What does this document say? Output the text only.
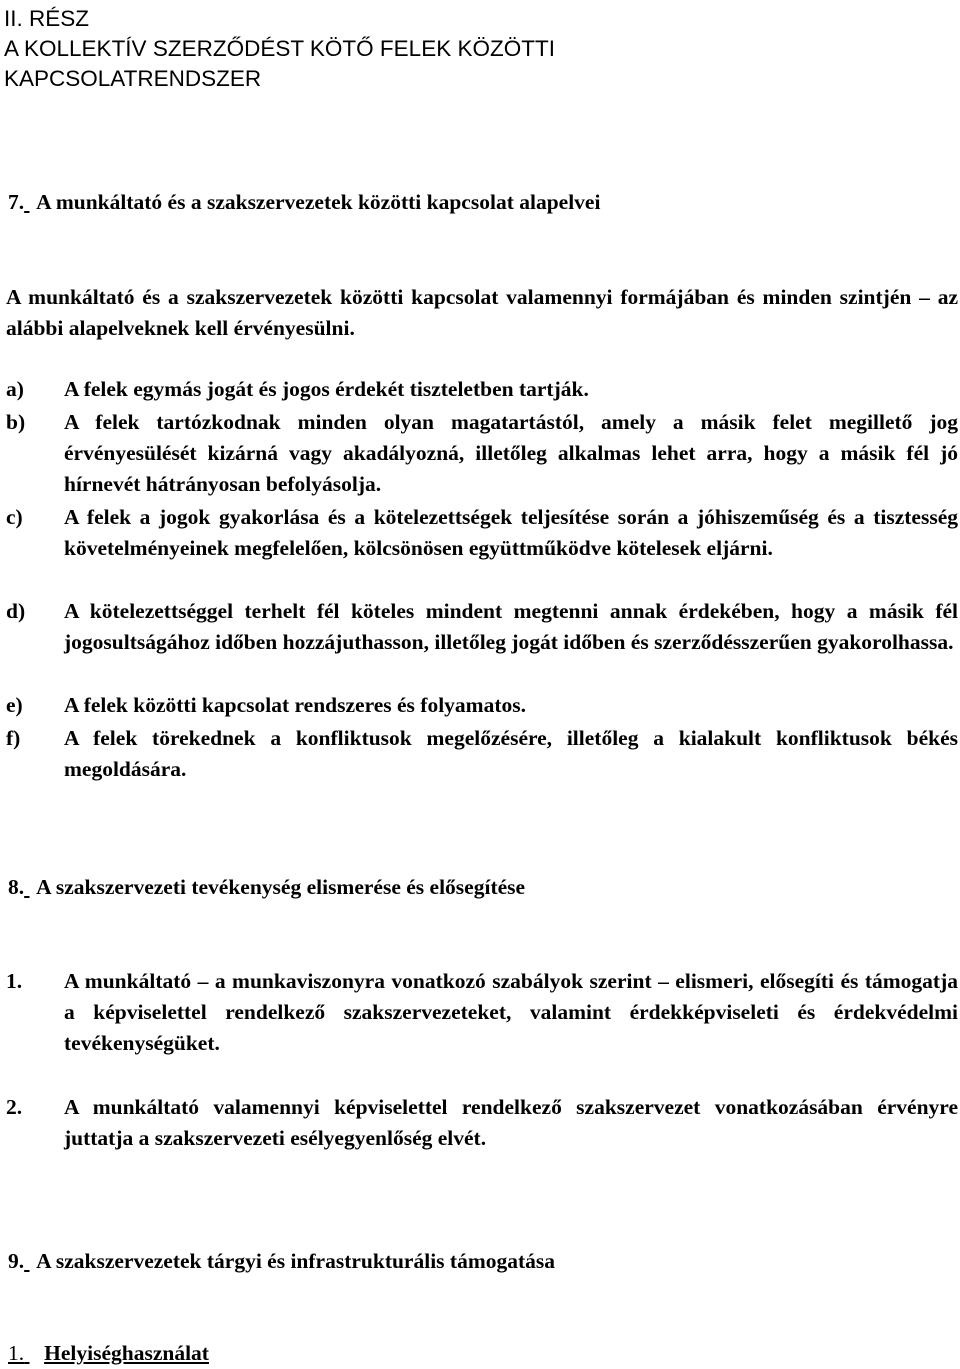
II. RÉSZ
A KOLLEKTÍV SZERZŐDÉST KÖTŐ FELEK KÖZÖTTI
KAPCSOLATRENDSZER
7. A munkáltató és a szakszervezetek közötti kapcsolat alapelvei
A munkáltató és a szakszervezetek közötti kapcsolat valamennyi formájában és minden szintjén – az alábbi alapelveknek kell érvényesülni.
a)	A felek egymás jogát és jogos érdekét tiszteletben tartják.
b)	A felek tartózkodnak minden olyan magatartástól, amely a másik felet megillető jog érvényesülését kizárná vagy akadályozná, illetőleg alkalmas lehet arra, hogy a másik fél jó hírnevét hátrányosan befolyásolja.
c)	A felek a jogok gyakorlása és a kötelezettségek teljesítése során a jóhiszeműség és a tisztesség követelményeinek megfelelően, kölcsönösen együttműködve kötelesek eljárni.
d)	A kötelezettséggel terhelt fél köteles mindent megtenni annak érdekében, hogy a másik fél jogosultságához időben hozzájuthasson, illetőleg jogát időben és szerződésszerűen gyakorolhassa.
e)	A felek közötti kapcsolat rendszeres és folyamatos.
f)	A felek törekednek a konfliktusok megelőzésére, illetőleg a kialakult konfliktusok békés megoldására.
8. A szakszervezeti tevékenység elismerése és elősegítése
1. A munkáltató – a munkaviszonyra vonatkozó szabályok szerint – elismeri, elősegíti és támogatja a képviselettel rendelkező szakszervezeteket, valamint érdekképviseleti és érdekvédelmi tevékenységüket.
2. A munkáltató valamennyi képviselettel rendelkező szakszervezet vonatkozásában érvényre juttatja a szakszervezeti esélyegyenlőség elvét.
9. A szakszervezetek tárgyi és infrastrukturális támogatása
1. Helyiséghasználat
